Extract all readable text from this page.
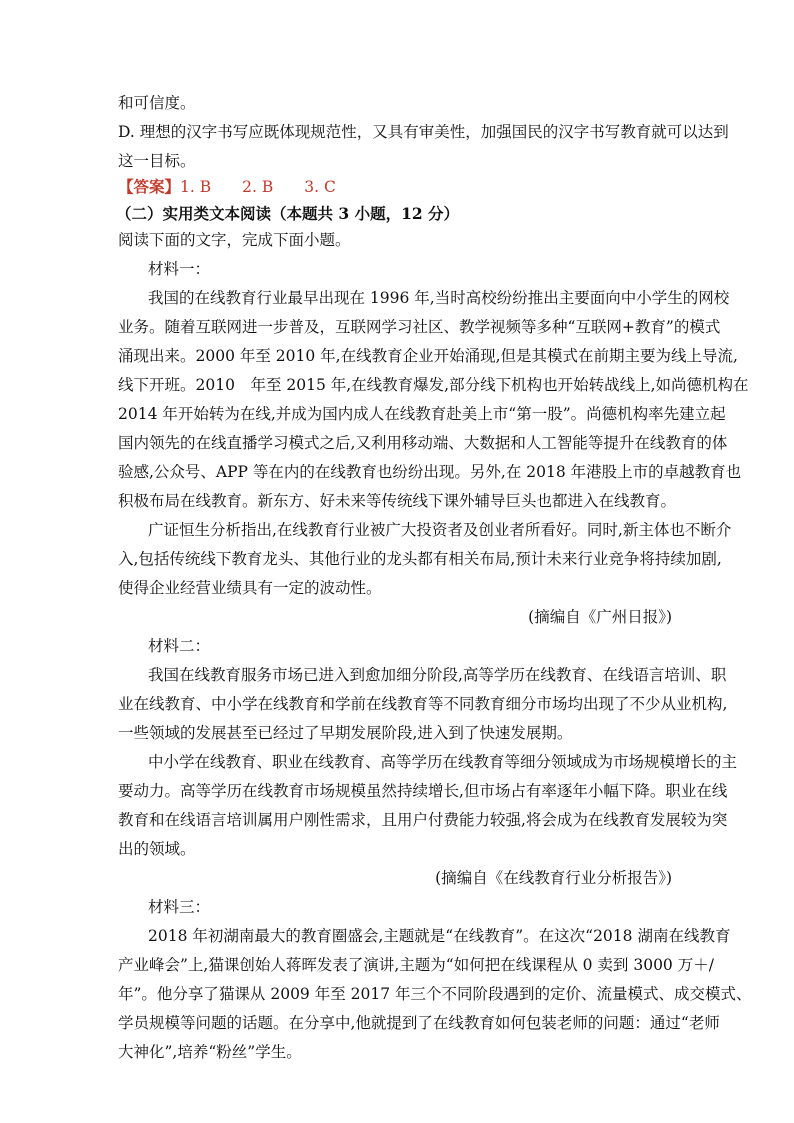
和可信度。
D. 理想的汉字书写应既体现规范性，又具有审美性，加强国民的汉字书写教育就可以达到
这一目标。
【答案】1. B　　2. B　　3. C
（二）实用类文本阅读（本题共 3 小题，12 分）
阅读下面的文字，完成下面小题。
材料一：
我国的在线教育行业最早出现在 1996 年,当时高校纷纷推出主要面向中小学生的网校
业务。随着互联网进一步普及，互联网学习社区、教学视频等多种“互联网+教育”的模式
涌现出来。2000 年至 2010 年,在线教育企业开始涌现,但是其模式在前期主要为线上导流,
线下开班。2010　年至 2015 年,在线教育爆发,部分线下机构也开始转战线上,如尚德机构在
2014 年开始转为在线,并成为国内成人在线教育赴美上市“第一股”。尚德机构率先建立起
国内领先的在线直播学习模式之后,又利用移动端、大数据和人工智能等提升在线教育的体
验感,公众号、APP 等在内的在线教育也纷纷出现。另外,在 2018 年港股上市的卓越教育也
积极布局在线教育。新东方、好未来等传统线下课外辅导巨头也都进入在线教育。
广证恒生分析指出,在线教育行业被广大投资者及创业者所看好。同时,新主体也不断介
入,包括传统线下教育龙头、其他行业的龙头都有相关布局,预计未来行业竞争将持续加剧,
使得企业经营业绩具有一定的波动性。
(摘编自《广州日报》)
材料二：
我国在线教育服务市场已进入到愈加细分阶段,高等学历在线教育、在线语言培训、职
业在线教育、中小学在线教育和学前在线教育等不同教育细分市场均出现了不少从业机构,
一些领域的发展甚至已经过了早期发展阶段,进入到了快速发展期。
中小学在线教育、职业在线教育、高等学历在线教育等细分领域成为市场规模增长的主
要动力。高等学历在线教育市场规模虽然持续增长,但市场占有率逐年小幅下降。职业在线
教育和在线语言培训属用户刚性需求，且用户付费能力较强,将会成为在线教育发展较为突
出的领域。
(摘编自《在线教育行业分析报告》)
材料三：
2018 年初湖南最大的教育圈盛会,主题就是“在线教育”。在这次“2018 湖南在线教育
产业峰会”上,猫课创始人蒋晖发表了演讲,主题为“如何把在线课程从 0 卖到 3000 万＋/
年”。他分享了猫课从 2009 年至 2017 年三个不同阶段遇到的定价、流量模式、成交模式、
学员规模等问题的话题。在分享中,他就提到了在线教育如何包装老师的问题：通过“老师
大神化”,培养“粉丝”学生。
